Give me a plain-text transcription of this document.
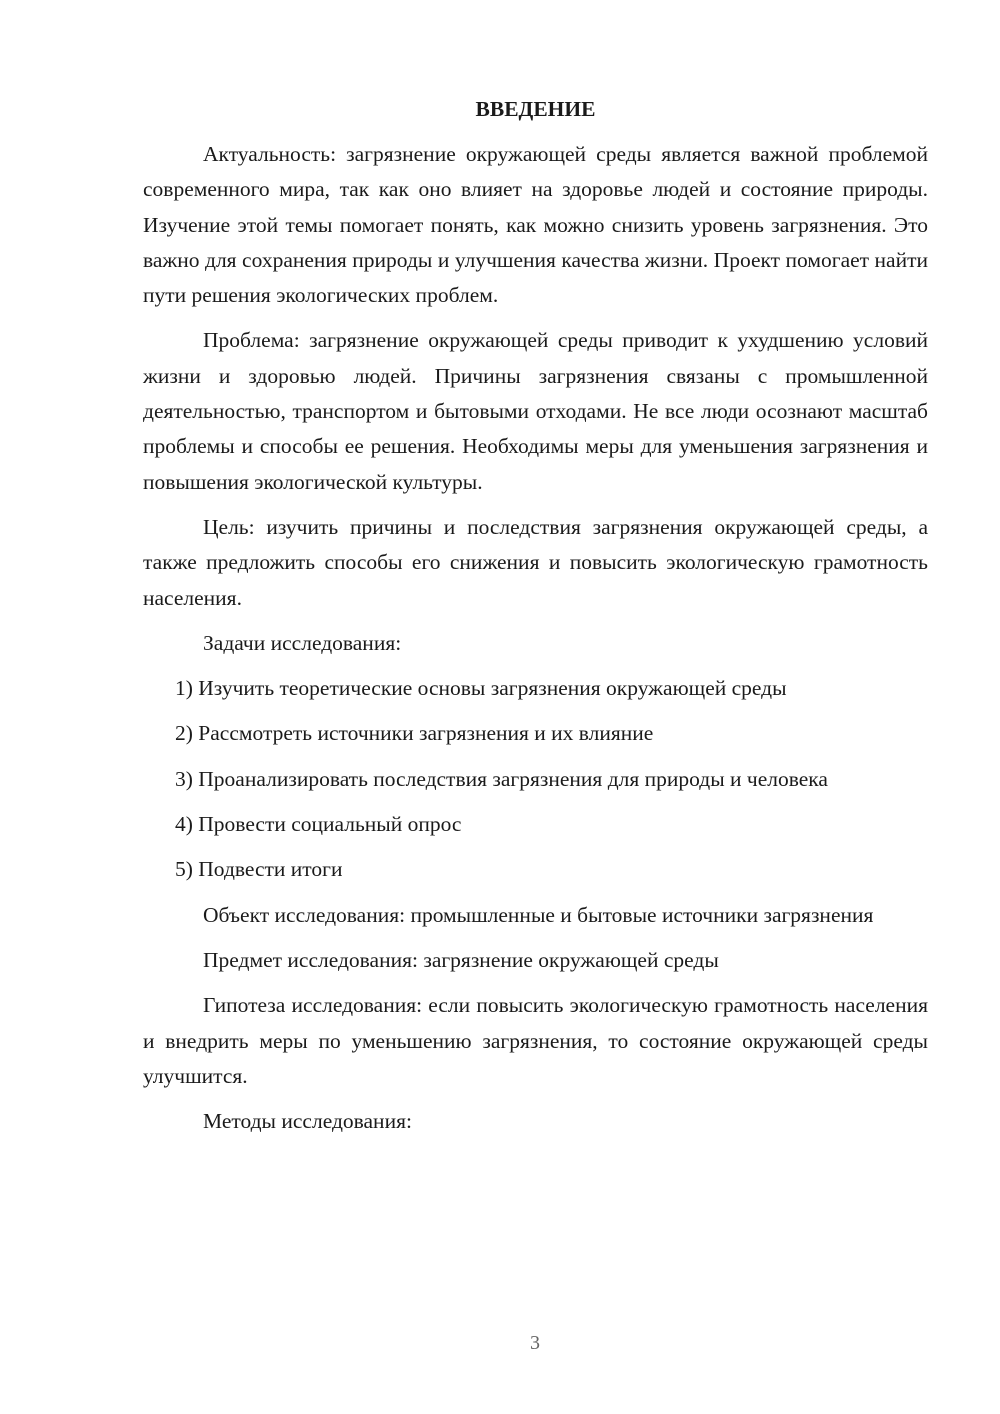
ВВЕДЕНИЕ

Актуальность: загрязнение окружающей среды является важной проблемой современного мира, так как оно влияет на здоровье людей и состояние природы. Изучение этой темы помогает понять, как можно снизить уровень загрязнения. Это важно для сохранения природы и улучшения качества жизни. Проект помогает найти пути решения экологических проблем.

Проблема: загрязнение окружающей среды приводит к ухудшению условий жизни и здоровью людей. Причины загрязнения связаны с промышленной деятельностью, транспортом и бытовыми отходами. Не все люди осознают масштаб проблемы и способы ее решения. Необходимы меры для уменьшения загрязнения и повышения экологической культуры.

Цель: изучить причины и последствия загрязнения окружающей среды, а также предложить способы его снижения и повысить экологическую грамотность населения.

Задачи исследования:

1) Изучить теоретические основы загрязнения окружающей среды

2) Рассмотреть источники загрязнения и их влияние

3) Проанализировать последствия загрязнения для природы и человека

4) Провести социальный опрос

5) Подвести итоги

Объект исследования: промышленные и бытовые источники загрязнения

Предмет исследования: загрязнение окружающей среды

Гипотеза исследования: если повысить экологическую грамотность населения и внедрить меры по уменьшению загрязнения, то состояние окружающей среды улучшится.

Методы исследования:

3
